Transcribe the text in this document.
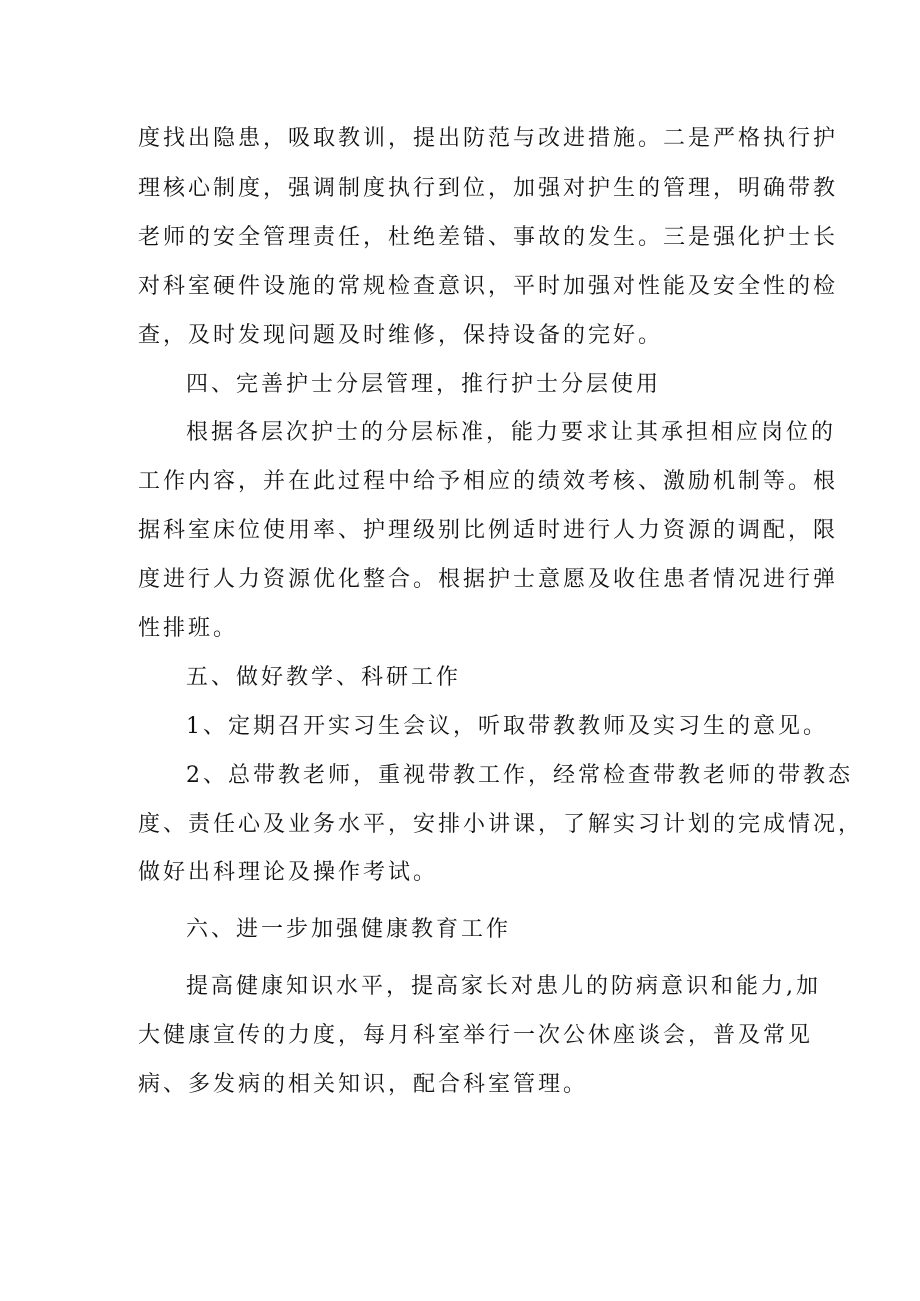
度找出隐患，吸取教训，提出防范与改进措施。二是严格执行护
理核心制度，强调制度执行到位，加强对护生的管理，明确带教
老师的安全管理责任，杜绝差错、事故的发生。三是强化护士长
对科室硬件设施的常规检查意识，平时加强对性能及安全性的检
查，及时发现问题及时维修，保持设备的完好。
四、完善护士分层管理，推行护士分层使用
根据各层次护士的分层标准，能力要求让其承担相应岗位的
工作内容，并在此过程中给予相应的绩效考核、激励机制等。根
据科室床位使用率、护理级别比例适时进行人力资源的调配，限
度进行人力资源优化整合。根据护士意愿及收住患者情况进行弹
性排班。
五、做好教学、科研工作
1、定期召开实习生会议，听取带教教师及实习生的意见。
2、总带教老师，重视带教工作，经常检查带教老师的带教态
度、责任心及业务水平，安排小讲课，了解实习计划的完成情况，
做好出科理论及操作考试。
六、进一步加强健康教育工作
提高健康知识水平，提高家长对患儿的防病意识和能力,加
大健康宣传的力度，每月科室举行一次公休座谈会，普及常见
病、多发病的相关知识，配合科室管理。
